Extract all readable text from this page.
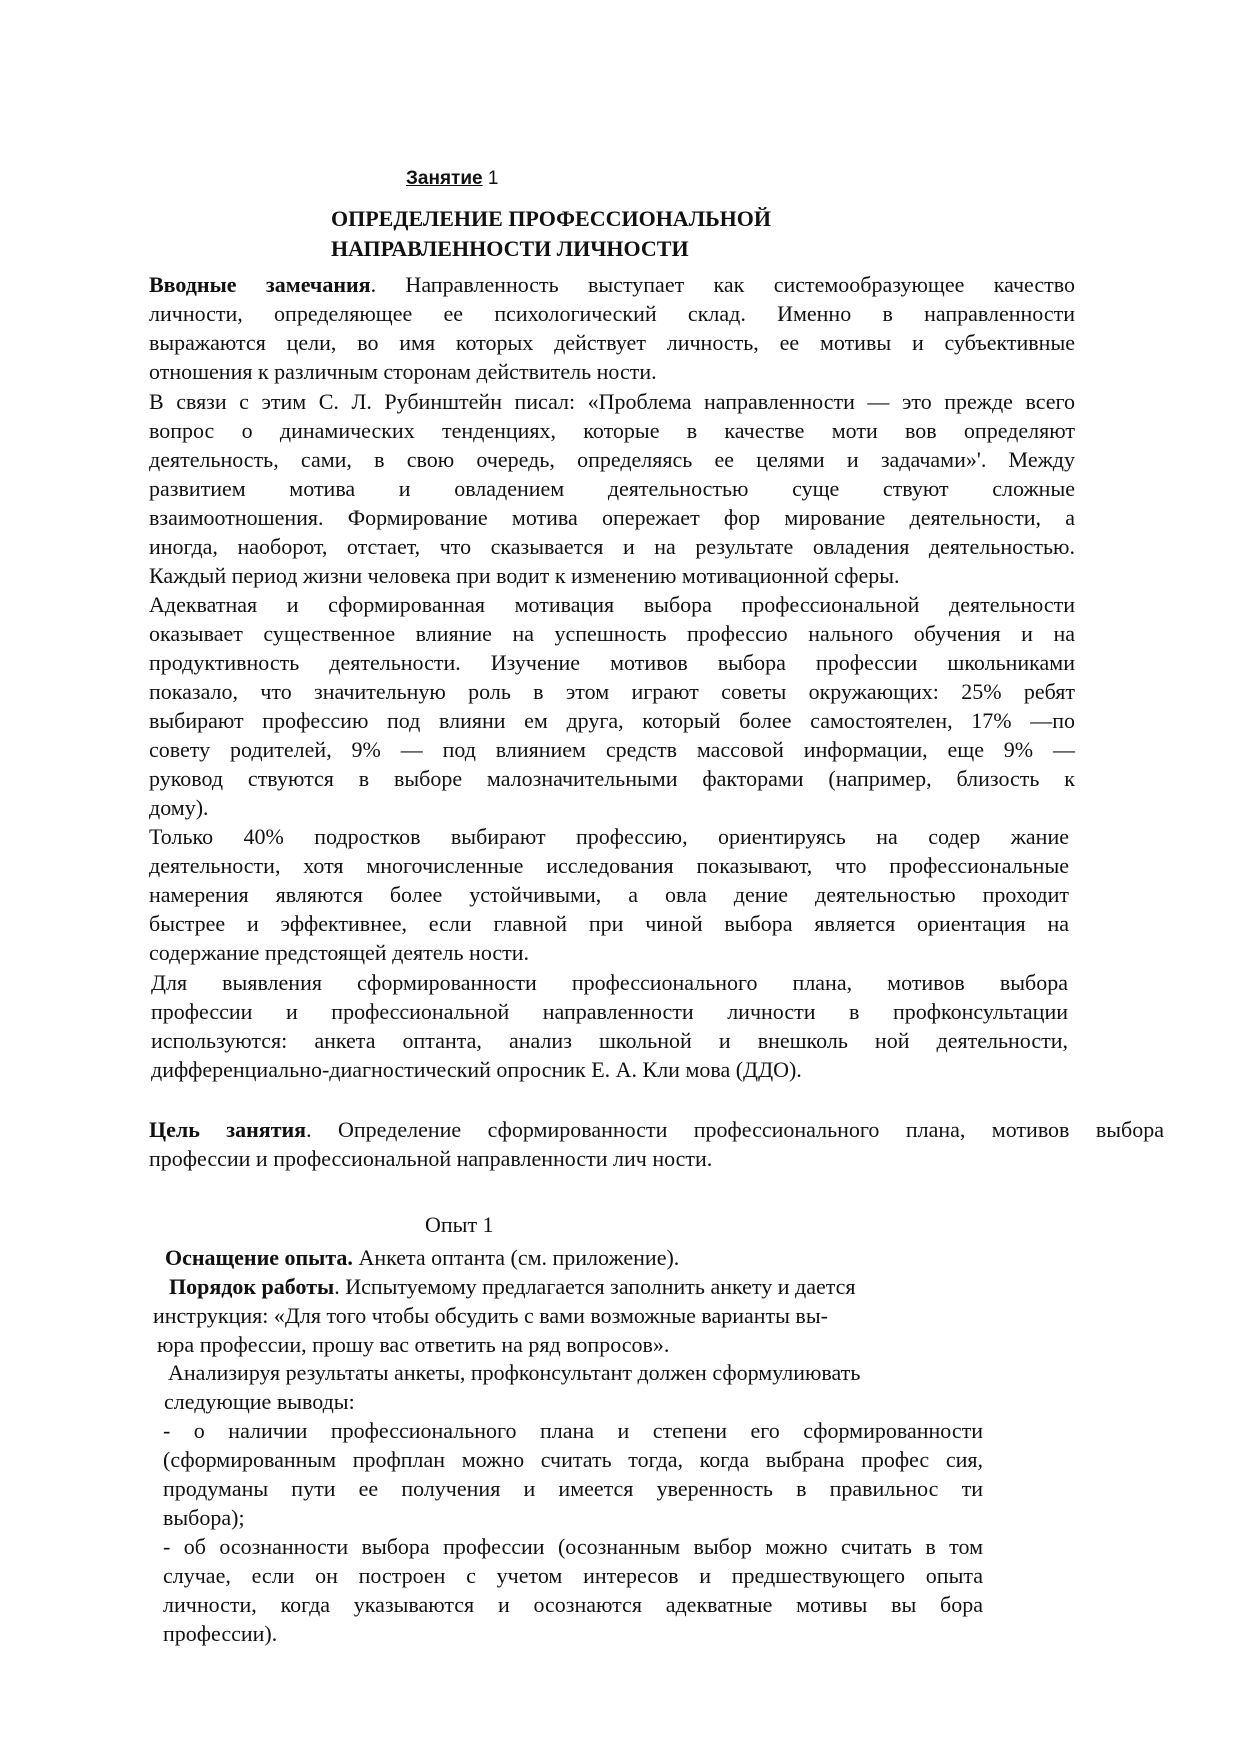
Занятие 1
ОПРЕДЕЛЕНИЕ ПРОФЕССИОНАЛЬНОЙ
НАПРАВЛЕННОСТИ ЛИЧНОСТИ
Вводные замечания. Направленность выступает как системообразующее качество
личности, определяющее ее психологический склад. Именно в направленности
выражаются цели, во имя которых действует личность, ее мотивы и субъективные
отношения к различным сторонам действитель ности.
В связи с этим С. Л. Рубинштейн писал: «Проблема направленности — это прежде всего
вопрос о динамических тенденциях, которые в качестве моти вов определяют
деятельность, сами, в свою очередь, определяясь ее целями и задачами»'. Между
развитием мотива и овладением деятельностью суще ствуют сложные
взаимоотношения. Формирование мотива опережает фор мирование деятельности, а
иногда, наоборот, отстает, что сказывается и на результате овладения деятельностью.
Каждый период жизни человека при водит к изменению мотивационной сферы.
Адекватная и сформированная мотивация выбора профессиональной деятельности
оказывает существенное влияние на успешность профессио нального обучения и на
продуктивность деятельности. Изучение мотивов выбора профессии школьниками
показало, что значительную роль в этом играют советы окружающих: 25% ребят
выбирают профессию под влияни ем друга, который более самостоятелен, 17% —по
совету родителей, 9% — под влиянием средств массовой информации, еще 9% —
руковод ствуются в выборе малозначительными факторами (например, близость к
дому).
Только 40% подростков выбирают профессию, ориентируясь на содер жание
деятельности, хотя многочисленные исследования показывают, что профессиональные
намерения являются более устойчивыми, а овла дение деятельностью проходит
быстрее и эффективнее, если главной при чиной выбора является ориентация на
содержание предстоящей деятель ности.
Для выявления сформированности профессионального плана, мотивов выбора
профессии и профессиональной направленности личности в профконсультации
используются: анкета оптанта, анализ школьной и внешколь ной деятельности,
дифференциально-диагностический опросник Е. А. Кли мова (ДДО).
Цель занятия. Определение сформированности профессионального плана, мотивов выбора
профессии и профессиональной направленности лич ности.
Опыт 1
Оснащение опыта. Анкета оптанта (см. приложение).
Порядок работы. Испытуемому предлагается заполнить анкету и дается
инструкция: «Для того чтобы обсудить с вами возможные варианты вы-
юра профессии, прошу вас ответить на ряд вопросов».
Анализируя результаты анкеты, профконсультант должен сформулиювать
следующие выводы:
- о наличии профессионального плана и степени его сформированности
(сформированным профплан можно считать тогда, когда выбрана профес сия,
продуманы пути ее получения и имеется уверенность в правильнос ти
выбора);
- об осознанности выбора профессии (осознанным выбор можно считать в том
случае, если он построен с учетом интересов и предшествующего опыта
личности, когда указываются и осознаются адекватные мотивы вы бора
профессии).
